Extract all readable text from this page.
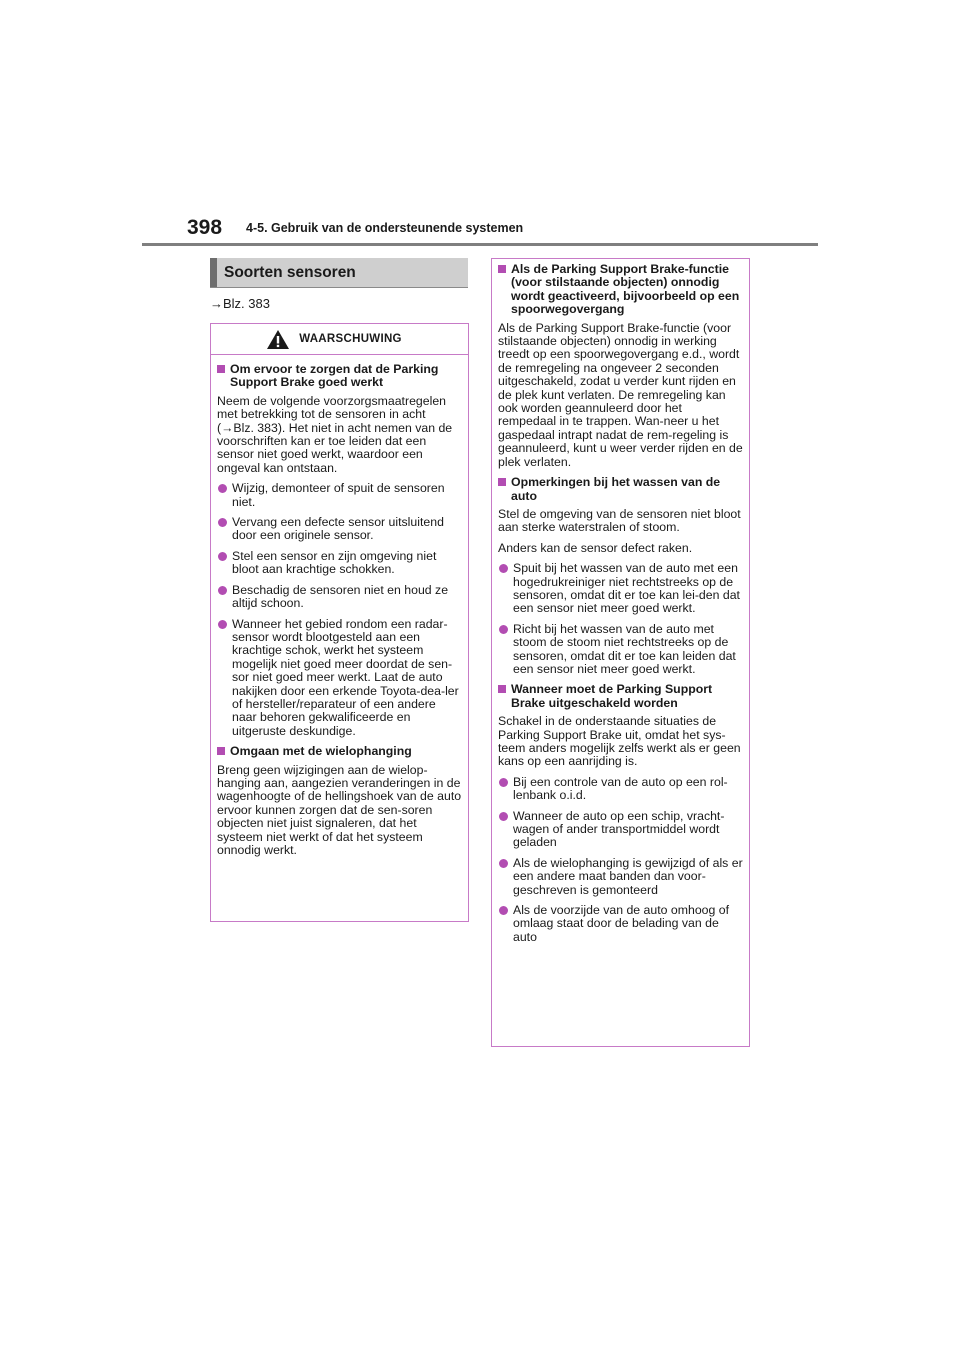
398 4-5. Gebruik van de ondersteunende systemen
Soorten sensoren
→Blz. 383
WAARSCHUWING
Om ervoor te zorgen dat de Parking Support Brake goed werkt

Neem de volgende voorzorgsmaatregelen met betrekking tot de sensoren in acht (→Blz. 383). Het niet in acht nemen van de voorschriften kan er toe leiden dat een sensor niet goed werkt, waardoor een ongeval kan ontstaan.

Wijzig, demonteer of spuit de sensoren niet.
Vervang een defecte sensor uitsluitend door een originele sensor.
Stel een sensor en zijn omgeving niet bloot aan krachtige schokken.
Beschadig de sensoren niet en houd ze altijd schoon.
Wanneer het gebied rondom een radar-sensor wordt blootgesteld aan een krachtige schok, werkt het systeem mogelijk niet goed meer doordat de sen-sor niet goed meer werkt. Laat de auto nakijken door een erkende Toyota-dea-ler of hersteller/reparateur of een andere naar behoren gekwalificeerde en uitgeruste deskundige.
Omgaan met de wielophanging

Breng geen wijzigingen aan de wielop-hanging aan, aangezien veranderingen in de wagenhoogte of de hellingshoek van de auto ervoor kunnen zorgen dat de sen-soren objecten niet juist signaleren, dat het systeem niet werkt of dat het systeem onnodig werkt.

Als de Parking Support Brake-functie (voor stilstaande objecten) onnodig wordt geactiveerd, bijvoorbeeld op een spoorwegovergang

Als de Parking Support Brake-functie (voor stilstaande objecten) onnodig in werking treedt op een spoorwegovergang e.d., wordt de remregeling na ongeveer 2 seconden uitgeschakeld, zodat u verder kunt rijden en de plek kunt verlaten. De remregeling kan ook worden geannuleerd door het rempedaal in te trappen. Wan-neer u het gaspedaal intrapt nadat de rem-regeling is geannuleerd, kunt u weer verder rijden en de plek verlaten.

Opmerkingen bij het wassen van de auto

Stel de omgeving van de sensoren niet bloot aan sterke waterstralen of stoom.

Anders kan de sensor defect raken.

Spuit bij het wassen van de auto met een hogedrukreiniger niet rechtstreeks op de sensoren, omdat dit er toe kan lei-den dat een sensor niet meer goed werkt.
Richt bij het wassen van de auto met stoom de stoom niet rechtstreeks op de sensoren, omdat dit er toe kan leiden dat een sensor niet meer goed werkt.
Wanneer moet de Parking Support Brake uitgeschakeld worden

Schakel in de onderstaande situaties de Parking Support Brake uit, omdat het sys-teem anders mogelijk zelfs werkt als er geen kans op een aanrijding is.

Bij een controle van de auto op een rol-lenbank o.i.d.
Wanneer de auto op een schip, vracht-wagen of ander transportmiddel wordt geladen
Als de wielophanging is gewijzigd of als er een andere maat banden dan voor-geschreven is gemonteerd
Als de voorzijde van de auto omhoog of omlaag staat door de belading van de auto
